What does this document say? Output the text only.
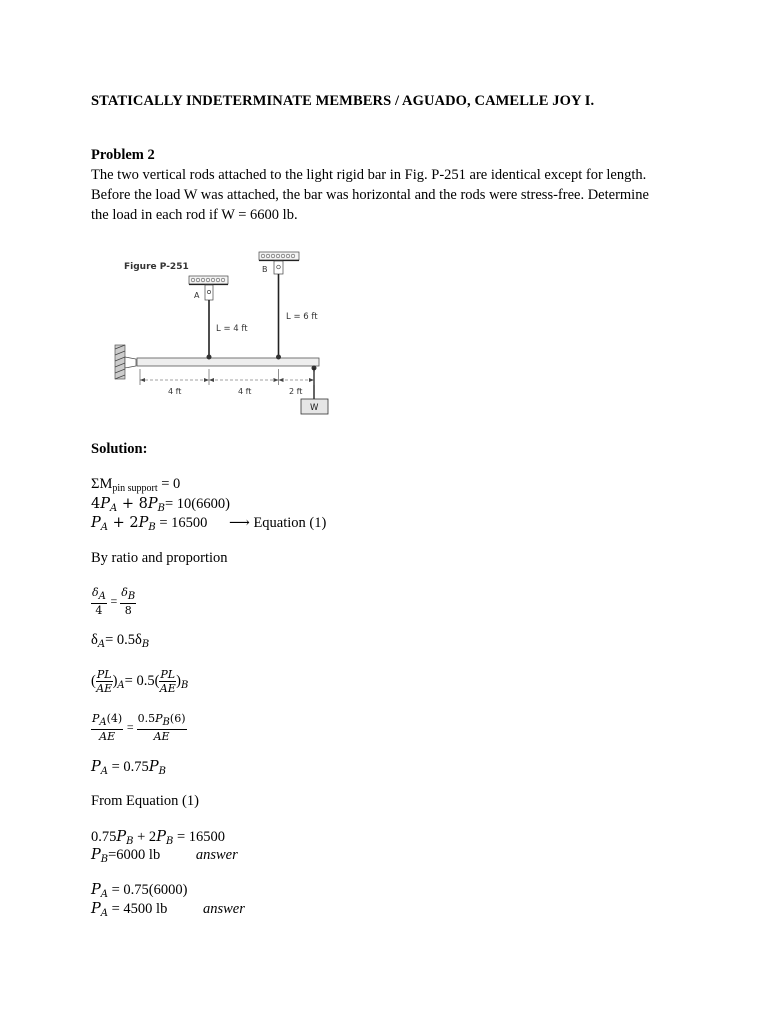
STATICALLY INDETERMINATE MEMBERS / AGUADO, CAMELLE JOY I.
Problem 2
The two vertical rods attached to the light rigid bar in Fig. P-251 are identical except for length.
Before the load W was attached, the bar was horizontal and the rods were stress-free. Determine
the load in each rod if W = 6600 lb.
Figure P-251	B
L = 6 ft
A
L = 4 ft
W
4 ft	4 ft	2 ft
Solution:
$\Sigma M_{pin support} = 0$
$4P_A + 8P_B= 10(6600)$
$P_A + 2P_B = 16500$ ⟶ Equation (1)
By ratio and proportion
$\frac{\delta_A}{4} = \frac{\delta_B}{8}$
$\delta_A= 0.5\delta_B$
( $\frac{PL}{AE} )_A= 0.5( \frac{PL}{AE} )_B$
$\frac{P_A(4)}{AE} = \frac{0.5P_B(6)}{AE}$
$P_A = 0.75P_B$
From Equation (1)
$0.75P_B + 2P_B = 16500$
$P_B=6000$ lb answer
$P_A = 0.75(6000)$
$P_A = 4500$ lb answer
